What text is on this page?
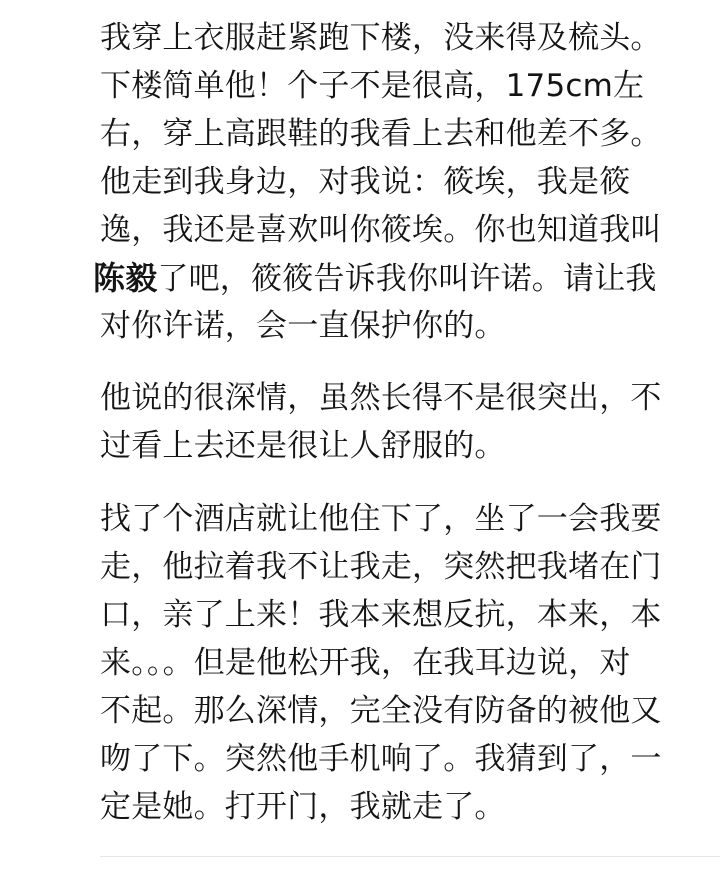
我穿上衣服赶紧跑下楼，没来得及梳头。
下楼简单他！个子不是很高，175cm左
右，穿上高跟鞋的我看上去和他差不多。
他走到我身边，对我说：筱埃，我是筱
逸，我还是喜欢叫你筱埃。你也知道我叫
陈毅了吧，筱筱告诉我你叫许诺。请让我
对你许诺，会一直保护你的。
他说的很深情，虽然长得不是很突出，不
过看上去还是很让人舒服的。
找了个酒店就让他住下了，坐了一会我要
走，他拉着我不让我走，突然把我堵在门
口，亲了上来！我本来想反抗，本来，本
来。。。但是他松开我，在我耳边说，对
不起。那么深情，完全没有防备的被他又
吻了下。突然他手机响了。我猜到了，一
定是她。打开门，我就走了。
